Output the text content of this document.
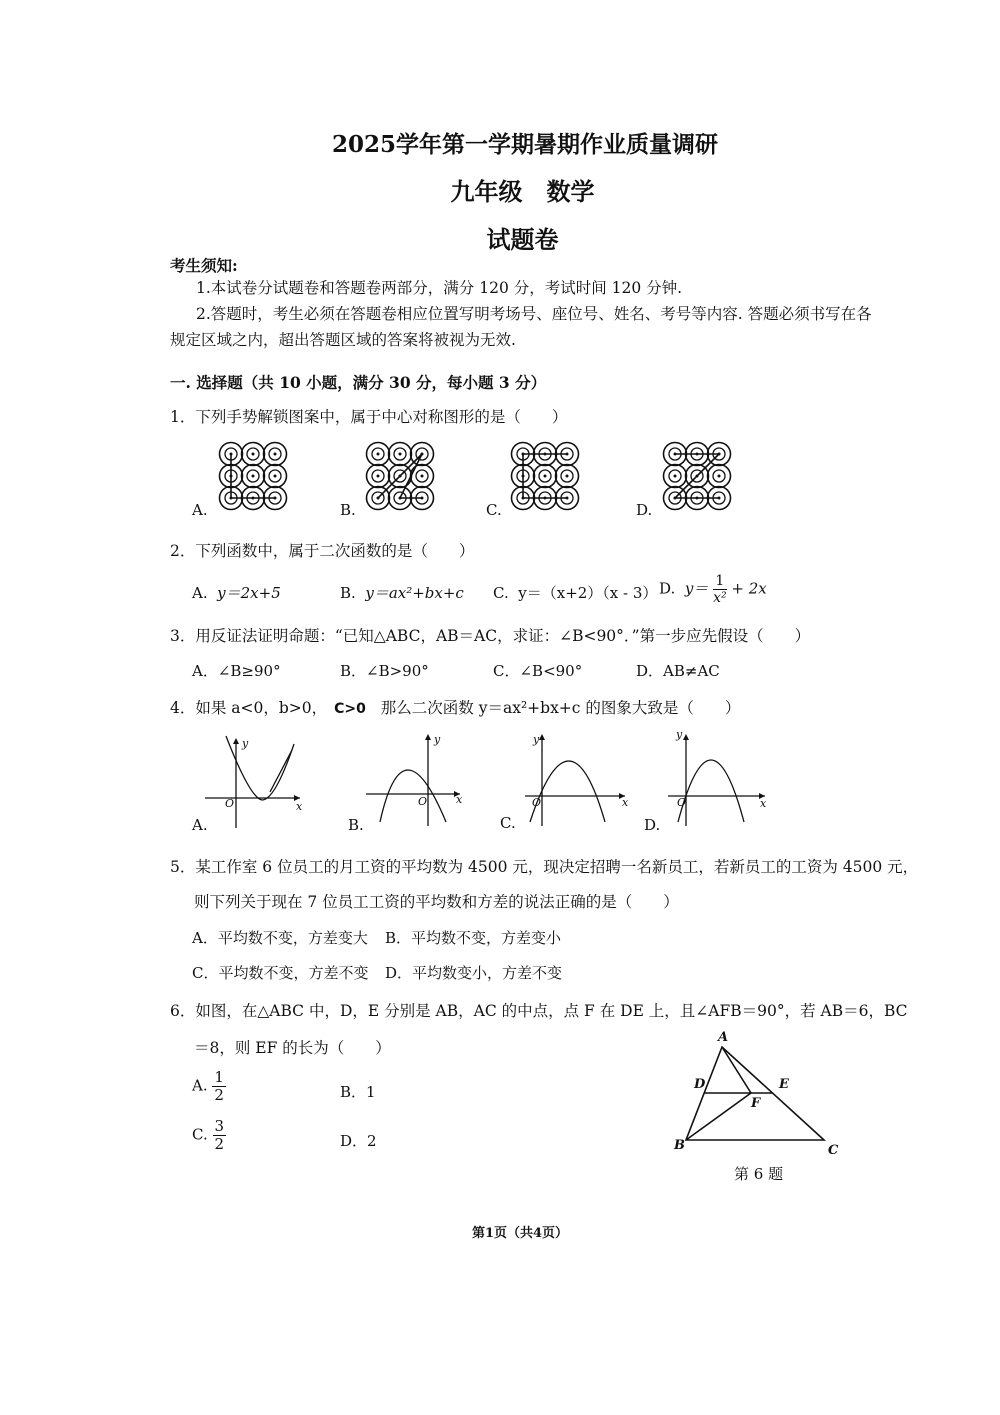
2025学年第一学期暑期作业质量调研
九年级　数学
试题卷
考生须知:
1.本试卷分试题卷和答题卷两部分，满分 120 分，考试时间 120 分钟.
2.答题时，考生必须在答题卷相应位置写明考场号、座位号、姓名、考号等内容. 答题必须书写在各
规定区域之内，超出答题区域的答案将被视为无效.
一. 选择题（共 10 小题，满分 30 分，每小题 3 分）
1．下列手势解锁图案中，属于中心对称图形的是（　　）
A.	B.	C.	D.
2．下列函数中，属于二次函数的是（　　）
A. y＝2x+5	B. y＝ax²+bx+c C. y＝（x+2）（x - 3） D. $y= \frac{1}{\text{x²}} + 2x$
3．用反证法证明命题：“已知△ABC，AB＝AC，求证：∠B<90°．”第一步应先假设（　　）
A．∠B≥90°	B．∠B>90°	C．∠B<90°	D．AB≠AC
4．如果 a<0，b>0， C>0 那么二次函数 y＝ax²+bx+c 的图象大致是（　　）
y
x
O
y
x
O
y
x
O
y
x
O
A.	B.	C.	D.
5．某工作室 6 位员工的月工资的平均数为 4500 元，现决定招聘一名新员工，若新员工的工资为 4500 元，
则下列关于现在 7 位员工工资的平均数和方差的说法正确的是（　　）
A．平均数不变，方差变大 B．平均数不变，方差变小
C．平均数不变，方差不变 D．平均数变小，方差不变
6．如图，在△ABC 中，D，E 分别是 AB，AC 的中点，点 F 在 DE 上，且∠AFB＝90°，若 AB＝6，BC
＝8，则 EF 的长为（　　）
A. $\frac{1}{2}$	B．1
C. $\frac{3}{2}$	D．2
A
D	E
F
B	C
第 6 题
第1页（共4页）
